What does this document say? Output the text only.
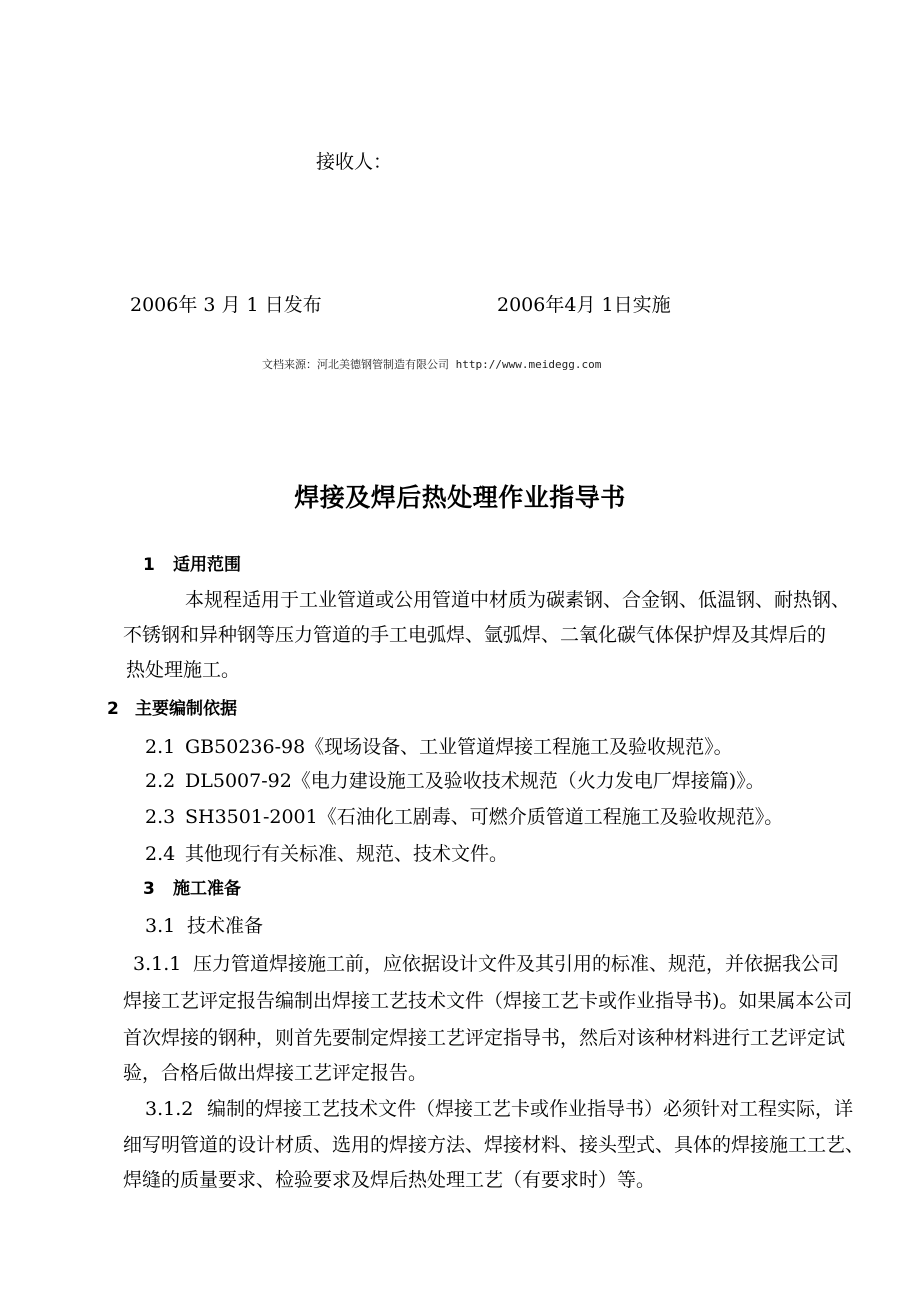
接收人：
2006年 3 月 1 日发布	2006年4月 1日实施
文档来源：河北美德钢管制造有限公司 http://www.meidegg.com
焊接及焊后热处理作业指导书
1 适用范围
本规程适用于工业管道或公用管道中材质为碳素钢、合金钢、低温钢、耐热钢、
不锈钢和异种钢等压力管道的手工电弧焊、氩弧焊、二氧化碳气体保护焊及其焊后的
热处理施工。
2 主要编制依据
2.1 GB50236-98《现场设备、工业管道焊接工程施工及验收规范》。
2.2 DL5007-92《电力建设施工及验收技术规范（火力发电厂焊接篇)》。
2.3 SH3501-2001《石油化工剧毒、可燃介质管道工程施工及验收规范》。
2.4 其他现行有关标准、规范、技术文件。
3 施工准备
3.1 技术准备
3.1.1 压力管道焊接施工前，应依据设计文件及其引用的标准、规范，并依据我公司
焊接工艺评定报告编制出焊接工艺技术文件（焊接工艺卡或作业指导书)。如果属本公司
首次焊接的钢种，则首先要制定焊接工艺评定指导书，然后对该种材料进行工艺评定试
验，合格后做出焊接工艺评定报告。
3.1.2 编制的焊接工艺技术文件（焊接工艺卡或作业指导书）必须针对工程实际，详
细写明管道的设计材质、选用的焊接方法、焊接材料、接头型式、具体的焊接施工工艺、
焊缝的质量要求、检验要求及焊后热处理工艺（有要求时）等。
